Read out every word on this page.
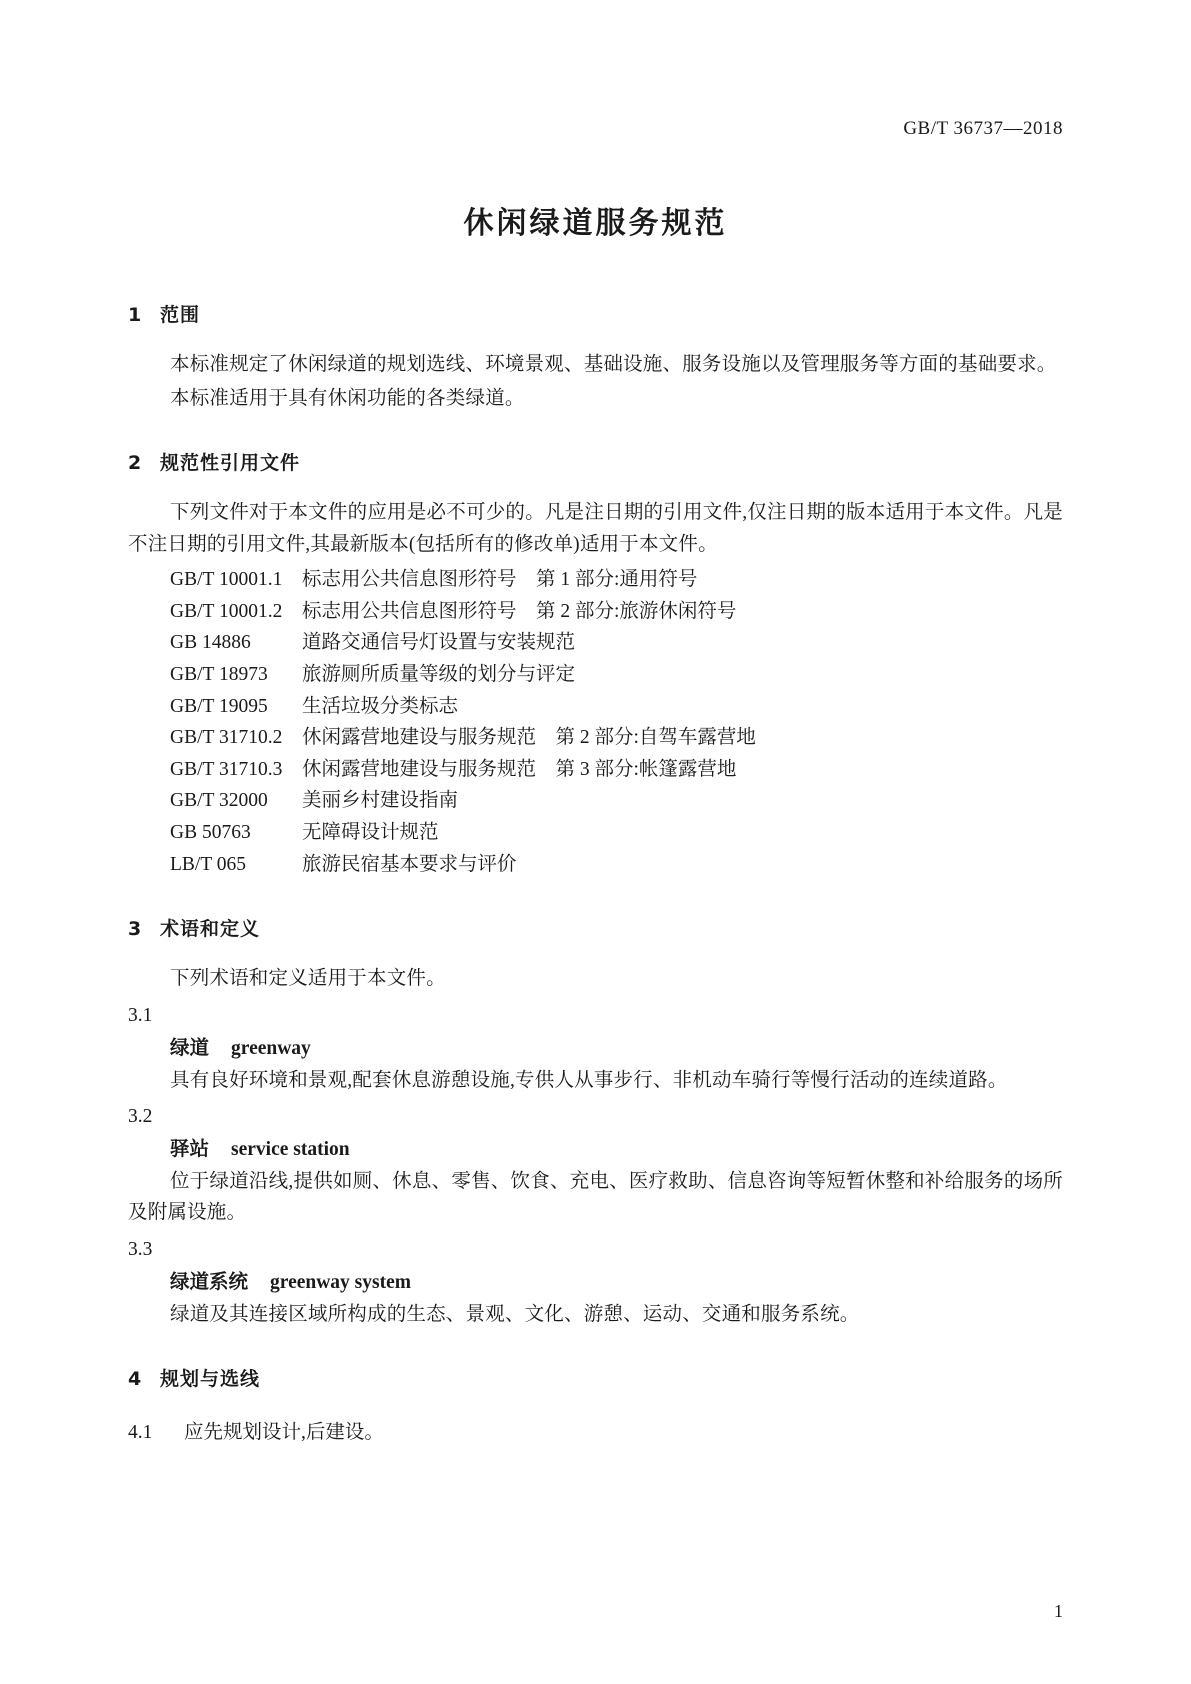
GB/T 36737—2018
休闲绿道服务规范
1 范围

本标准规定了休闲绿道的规划选线、环境景观、基础设施、服务设施以及管理服务等方面的基础要求。

本标准适用于具有休闲功能的各类绿道。

2 规范性引用文件

下列文件对于本文件的应用是必不可少的。凡是注日期的引用文件,仅注日期的版本适用于本文件。凡是不注日期的引用文件,其最新版本(包括所有的修改单)适用于本文件。

GB/T 10001.1 标志用公共信息图形符号　第 1 部分:通用符号
GB/T 10001.2 标志用公共信息图形符号　第 2 部分:旅游休闲符号
GB 14886	道路交通信号灯设置与安装规范
GB/T 18973 旅游厕所质量等级的划分与评定
GB/T 19095 生活垃圾分类标志
GB/T 31710.2 休闲露营地建设与服务规范　第 2 部分:自驾车露营地
GB/T 31710.3 休闲露营地建设与服务规范　第 3 部分:帐篷露营地
GB/T 32000 美丽乡村建设指南
GB 50763	无障碍设计规范
LB/T 065	旅游民宿基本要求与评价
3 术语和定义

下列术语和定义适用于本文件。

3.1
绿道 greenway

具有良好环境和景观,配套休息游憩设施,专供人从事步行、非机动车骑行等慢行活动的连续道路。

3.2
驿站 service station

位于绿道沿线,提供如厕、休息、零售、饮食、充电、医疗救助、信息咨询等短暂休整和补给服务的场所及附属设施。

3.3
绿道系统 greenway system

绿道及其连接区域所构成的生态、景观、文化、游憩、运动、交通和服务系统。

4 规划与选线
4.1 应先规划设计,后建设。
1
